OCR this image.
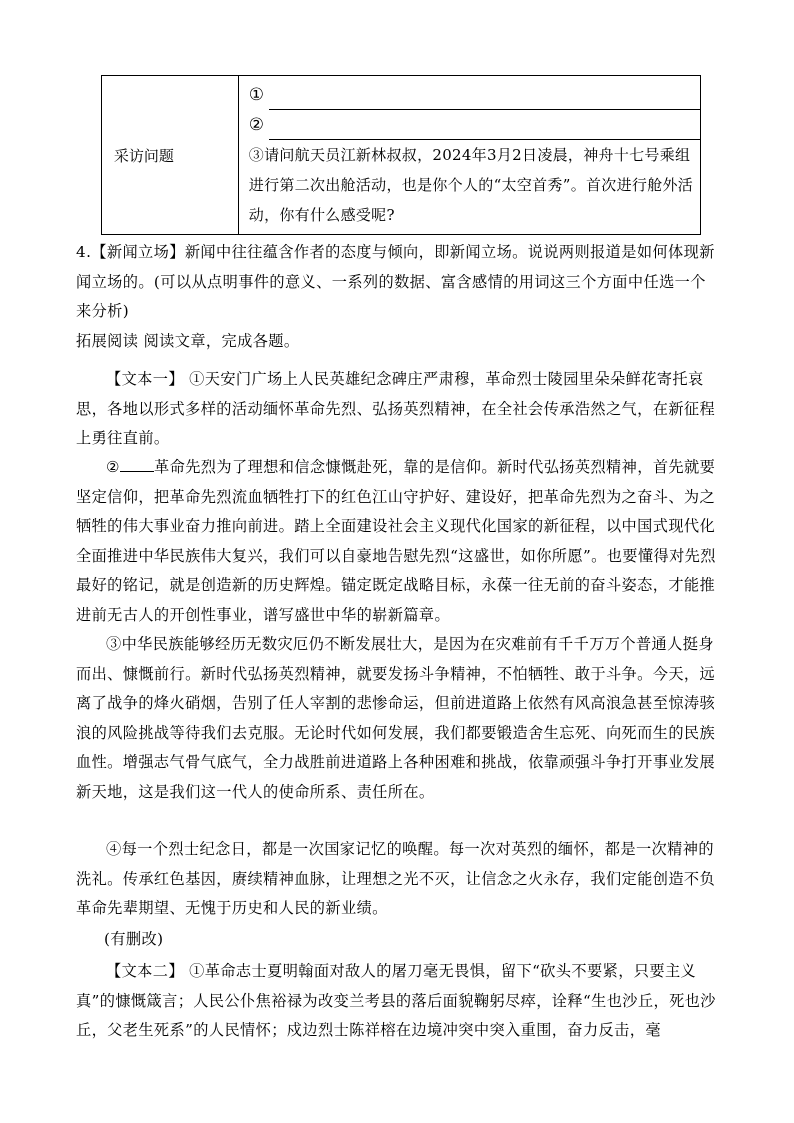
采访问题	
①
②
③请问航天员江新林叔叔，2024年3月2日凌晨，神舟十七号乘组进行第二次出舱活动，也是你个人的“太空首秀”。首次进行舱外活动，你有什么感受呢?

4.【新闻立场】新闻中往往蕴含作者的态度与倾向，即新闻立场。说说两则报道是如何体现新闻立场的。(可以从点明事件的意义、一系列的数据、富含感情的用词这三个方面中任选一个来分析)

拓展阅读 阅读文章，完成各题。

【文本一】 ①天安门广场上人民英雄纪念碑庄严肃穆，革命烈士陵园里朵朵鲜花寄托哀思，各地以形式多样的活动缅怀革命先烈、弘扬英烈精神，在全社会传承浩然之气，在新征程上勇往直前。

② 革命先烈为了理想和信念慷慨赴死，靠的是信仰。新时代弘扬英烈精神，首先就要坚定信仰，把革命先烈流血牺牲打下的红色江山守护好、建设好，把革命先烈为之奋斗、为之牺牲的伟大事业奋力推向前进。踏上全面建设社会主义现代化国家的新征程，以中国式现代化全面推进中华民族伟大复兴，我们可以自豪地告慰先烈“这盛世，如你所愿”。也要懂得对先烈最好的铭记，就是创造新的历史辉煌。锚定既定战略目标，永葆一往无前的奋斗姿态，才能推进前无古人的开创性事业，谱写盛世中华的崭新篇章。

③中华民族能够经历无数灾厄仍不断发展壮大，是因为在灾难前有千千万万个普通人挺身而出、慷慨前行。新时代弘扬英烈精神，就要发扬斗争精神，不怕牺牲、敢于斗争。今天，远离了战争的烽火硝烟，告别了任人宰割的悲惨命运，但前进道路上依然有风高浪急甚至惊涛骇浪的风险挑战等待我们去克服。无论时代如何发展，我们都要锻造舍生忘死、向死而生的民族血性。增强志气骨气底气，全力战胜前进道路上各种困难和挑战，依靠顽强斗争打开事业发展新天地，这是我们这一代人的使命所系、责任所在。

④每一个烈士纪念日，都是一次国家记忆的唤醒。每一次对英烈的缅怀，都是一次精神的洗礼。传承红色基因，赓续精神血脉，让理想之光不灭，让信念之火永存，我们定能创造不负革命先辈期望、无愧于历史和人民的新业绩。

(有删改)

【文本二】 ①革命志士夏明翰面对敌人的屠刀毫无畏惧，留下“砍头不要紧，只要主义真”的慷慨箴言；人民公仆焦裕禄为改变兰考县的落后面貌鞠躬尽瘁，诠释“生也沙丘，死也沙丘，父老生死系”的人民情怀；戍边烈士陈祥榕在边境冲突中突入重围，奋力反击，毫
